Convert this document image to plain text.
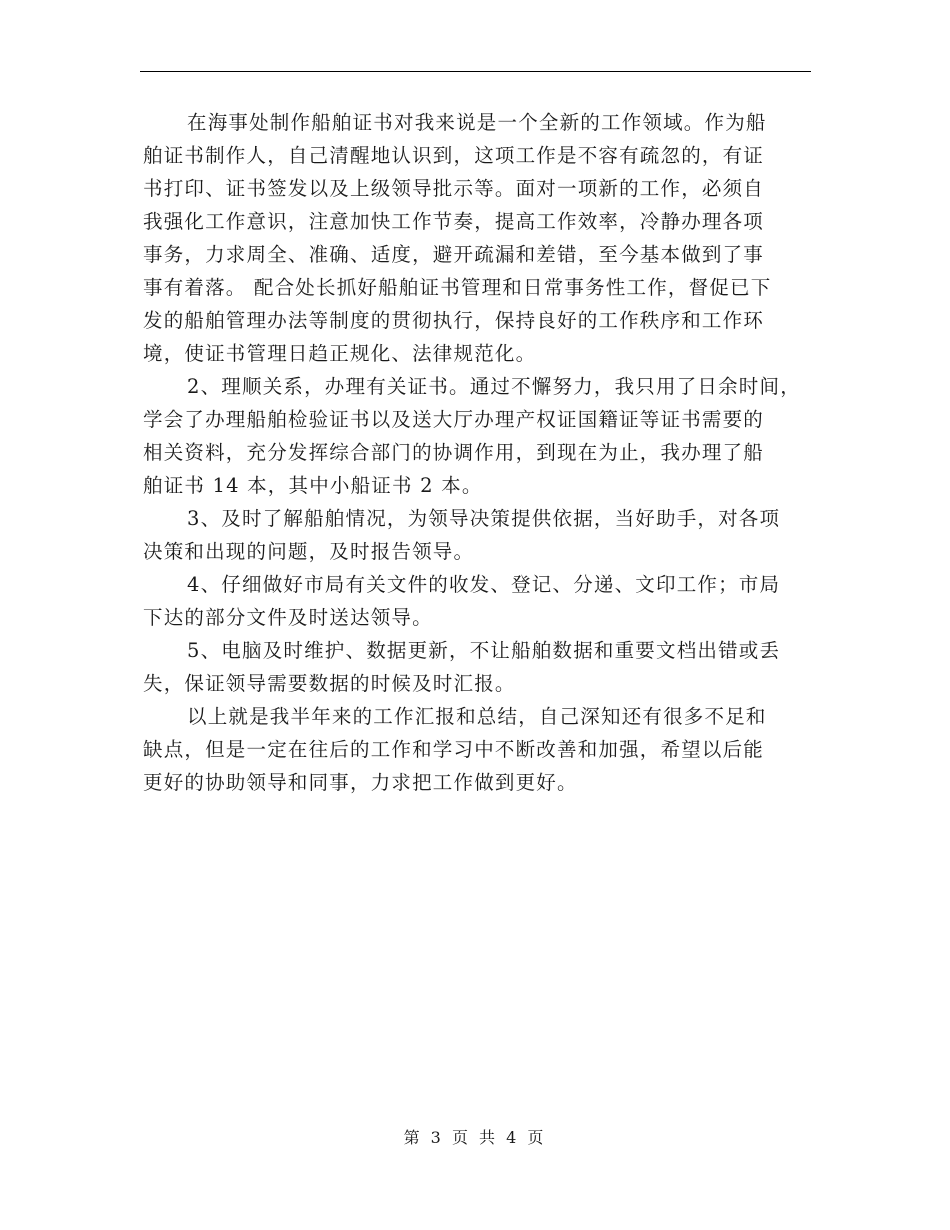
在海事处制作船舶证书对我来说是一个全新的工作领域。作为船
舶证书制作人，自己清醒地认识到，这项工作是不容有疏忽的，有证
书打印、证书签发以及上级领导批示等。面对一项新的工作，必须自
我强化工作意识，注意加快工作节奏，提高工作效率，冷静办理各项
事务，力求周全、准确、适度，避开疏漏和差错，至今基本做到了事
事有着落。 配合处长抓好船舶证书管理和日常事务性工作，督促已下
发的船舶管理办法等制度的贯彻执行，保持良好的工作秩序和工作环
境，使证书管理日趋正规化、法律规范化。
2、理顺关系，办理有关证书。通过不懈努力，我只用了日余时间，
学会了办理船舶检验证书以及送大厅办理产权证国籍证等证书需要的
相关资料，充分发挥综合部门的协调作用，到现在为止，我办理了船
舶证书 14 本，其中小船证书 2 本。
3、及时了解船舶情况，为领导决策提供依据，当好助手，对各项
决策和出现的问题，及时报告领导。
4、仔细做好市局有关文件的收发、登记、分递、文印工作；市局
下达的部分文件及时送达领导。
5、电脑及时维护、数据更新，不让船舶数据和重要文档出错或丢
失，保证领导需要数据的时候及时汇报。
以上就是我半年来的工作汇报和总结，自己深知还有很多不足和
缺点，但是一定在往后的工作和学习中不断改善和加强，希望以后能
更好的协助领导和同事，力求把工作做到更好。
第 3 页 共 4 页
